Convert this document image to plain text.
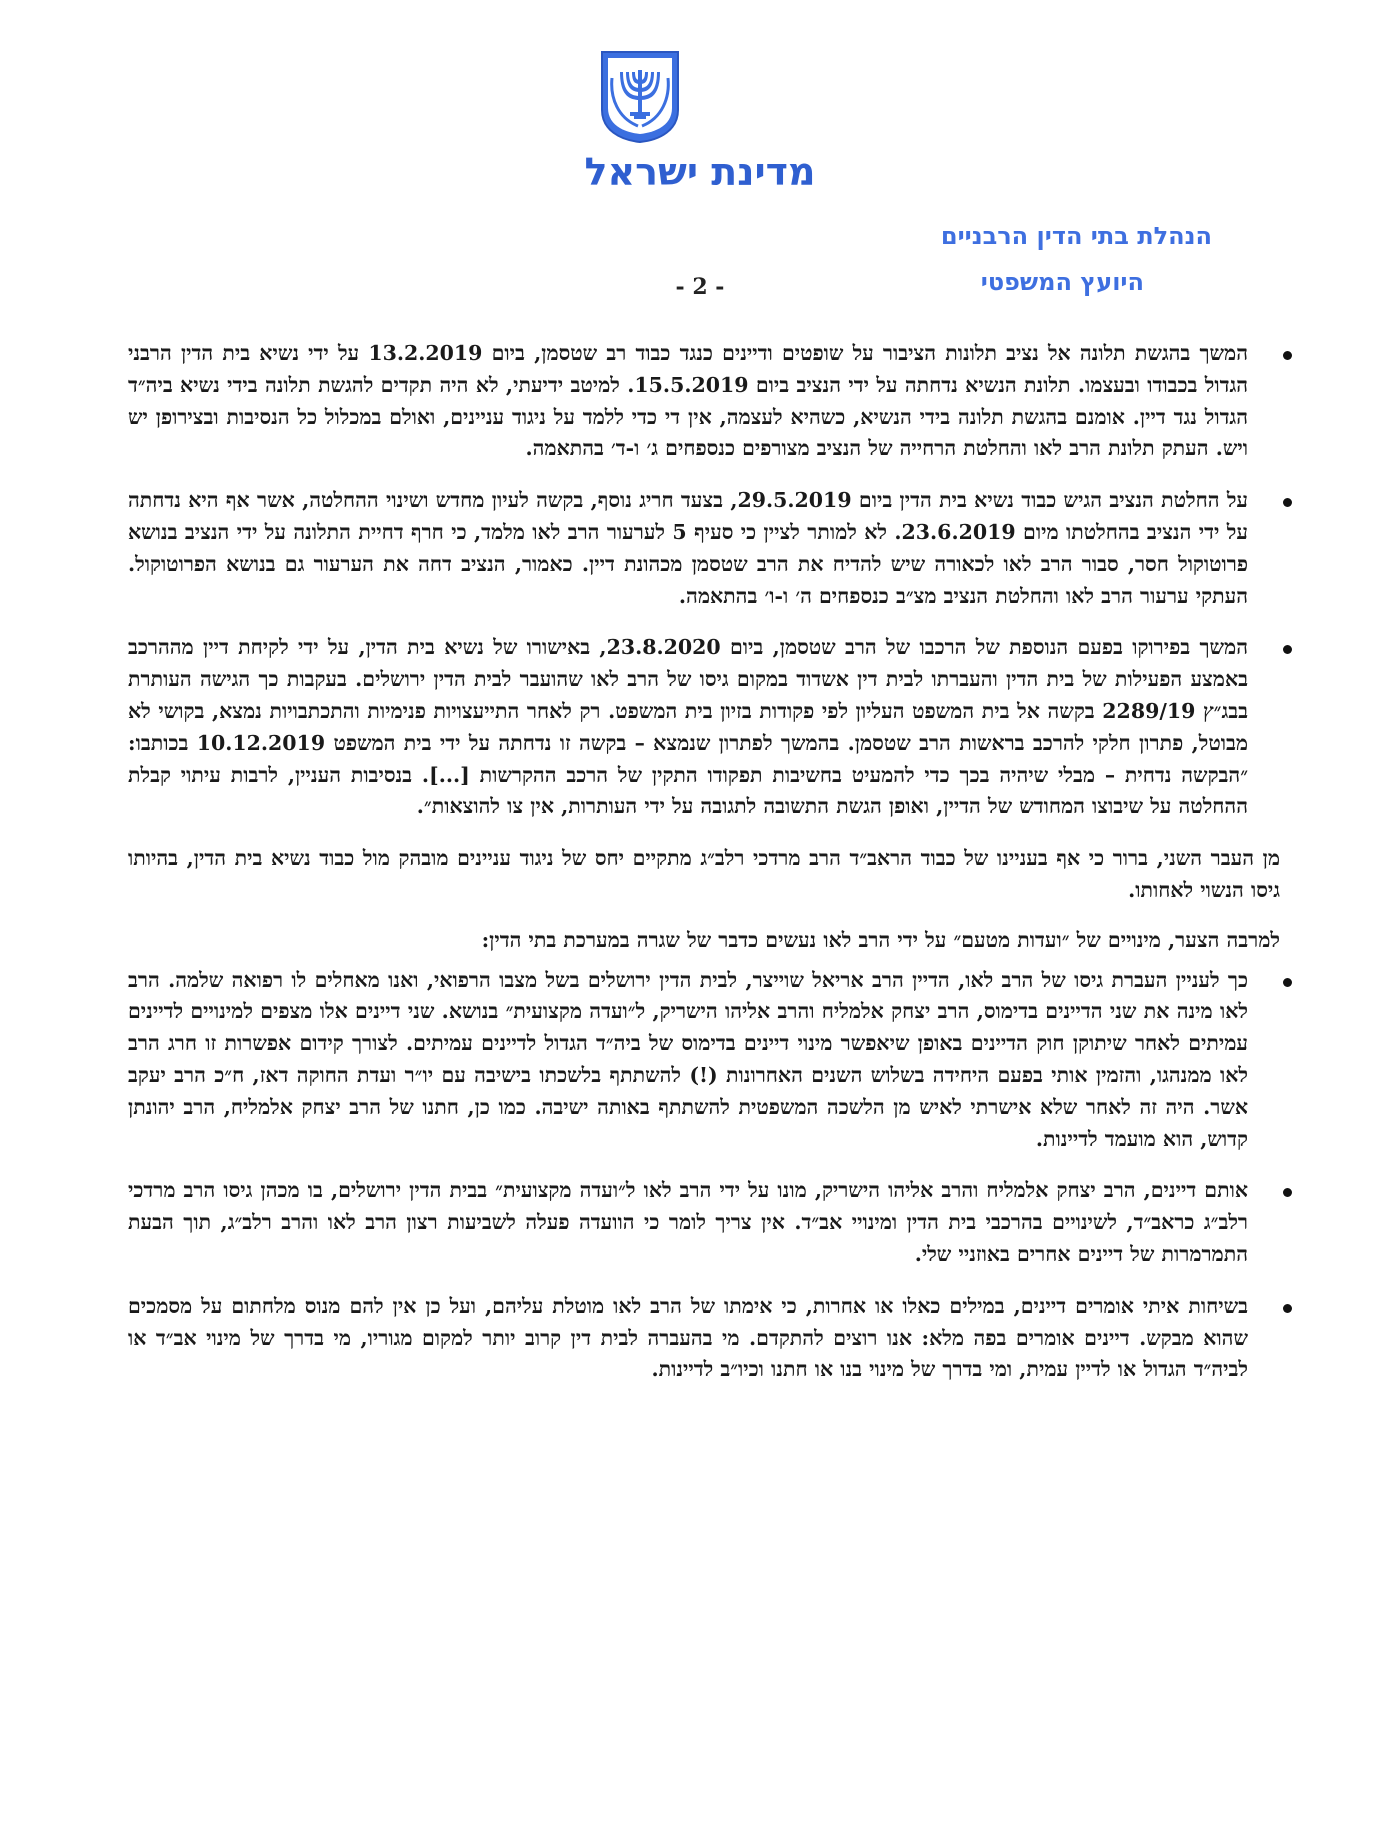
מדינת ישראל
הנהלת בתי הדין הרבניים
היועץ המשפטי
- 2 -
המשך בהגשת תלונה אל נציב תלונות הציבור על שופטים ודיינים כנגד כבוד רב שטסמן, ביום 13.2.2019 על ידי נשיא בית הדין הרבני הגדול בכבודו ובעצמו. תלונת הנשיא נדחתה על ידי הנציב ביום 15.5.2019. למיטב ידיעתי, לא היה תקדים להגשת תלונה בידי נשיא ביה״ד הגדול נגד דיין. אומנם בהגשת תלונה בידי הנשיא, כשהיא לעצמה, אין די כדי ללמד על ניגוד עניינים, ואולם במכלול כל הנסיבות ובצירופן יש ויש. העתק תלונת הרב לאו והחלטת הרחייה של הנציב מצורפים כנספחים ג׳ ו-ד׳ בהתאמה.
על החלטת הנציב הגיש כבוד נשיא בית הדין ביום 29.5.2019, בצעד חריג נוסף, בקשה לעיון מחדש ושינוי ההחלטה, אשר אף היא נדחתה על ידי הנציב בהחלטתו מיום 23.6.2019. לא למותר לציין כי סעיף 5 לערעור הרב לאו מלמד, כי חרף דחיית התלונה על ידי הנציב בנושא פרוטוקול חסר, סבור הרב לאו לכאורה שיש להדיח את הרב שטסמן מכהונת דיין. כאמור, הנציב דחה את הערעור גם בנושא הפרוטוקול. העתקי ערעור הרב לאו והחלטת הנציב מצ״ב כנספחים ה׳ ו-ו׳ בהתאמה.
המשך בפירוקו בפעם הנוספת של הרכבו של הרב שטסמן, ביום 23.8.2020, באישורו של נשיא בית הדין, על ידי לקיחת דיין מההרכב באמצע הפעילות של בית הדין והעברתו לבית דין אשדוד במקום גיסו של הרב לאו שהועבר לבית הדין ירושלים. בעקבות כך הגישה העותרת בבג״ץ 2289/19 בקשה אל בית המשפט העליון לפי פקודות בזיון בית המשפט. רק לאחר התייעצויות פנימיות והתכתבויות נמצא, בקושי לא מבוטל, פתרון חלקי להרכב בראשות הרב שטסמן. בהמשך לפתרון שנמצא – בקשה זו נדחתה על ידי בית המשפט 10.12.2019 בכותבו: ״הבקשה נדחית – מבלי שיהיה בכך כדי להמעיט בחשיבות תפקודו התקין של הרכב ההקרשות [...]. בנסיבות העניין, לרבות עיתוי קבלת ההחלטה על שיבוצו המחודש של הדיין, ואופן הגשת התשובה לתגובה על ידי העותרות, אין צו להוצאות״.

מן העבר השני, ברור כי אף בעניינו של כבוד הראב״ד הרב מרדכי רלב״ג מתקיים יחס של ניגוד עניינים מובהק מול כבוד נשיא בית הדין, בהיותו גיסו הנשוי לאחותו.

למרבה הצער, מינויים של ״ועדות מטעם״ על ידי הרב לאו נעשים כדבר של שגרה במערכת בתי הדין:

כך לעניין העברת גיסו של הרב לאו, הדיין הרב אריאל שוייצר, לבית הדין ירושלים בשל מצבו הרפואי, ואנו מאחלים לו רפואה שלמה. הרב לאו מינה את שני הדיינים בדימוס, הרב יצחק אלמליח והרב אליהו הישריק, ל״ועדה מקצועית״ בנושא. שני דיינים אלו מצפים למינויים לדיינים עמיתים לאחר שיתוקן חוק הדיינים באופן שיאפשר מינוי דיינים בדימוס של ביה״ד הגדול לדיינים עמיתים. לצורך קידום אפשרות זו חרג הרב לאו ממנהגו, והזמין אותי בפעם היחידה בשלוש השנים האחרונות (!) להשתתף בלשכתו בישיבה עם יו״ר ועדת החוקה דאז, ח״כ הרב יעקב אשר. היה זה לאחר שלא אישרתי לאיש מן הלשכה המשפטית להשתתף באותה ישיבה. כמו כן, חתנו של הרב יצחק אלמליח, הרב יהונתן קדוש, הוא מועמד לדיינות.
אותם דיינים, הרב יצחק אלמליח והרב אליהו הישריק, מונו על ידי הרב לאו ל״ועדה מקצועית״ בבית הדין ירושלים, בו מכהן גיסו הרב מרדכי רלב״ג כראב״ד, לשינויים בהרכבי בית הדין ומינויי אב״ד. אין צריך לומר כי הוועדה פעלה לשביעות רצון הרב לאו והרב רלב״ג, תוך הבעת התמרמרות של דיינים אחרים באוזניי שלי.
בשיחות איתי אומרים דיינים, במילים כאלו או אחרות, כי אימתו של הרב לאו מוטלת עליהם, ועל כן אין להם מנוס מלחתום על מסמכים שהוא מבקש. דיינים אומרים בפה מלא: אנו רוצים להתקדם. מי בהעברה לבית דין קרוב יותר למקום מגוריו, מי בדרך של מינוי אב״ד או לביה״ד הגדול או לדיין עמית, ומי בדרך של מינוי בנו או חתנו וכיו״ב לדיינות.
